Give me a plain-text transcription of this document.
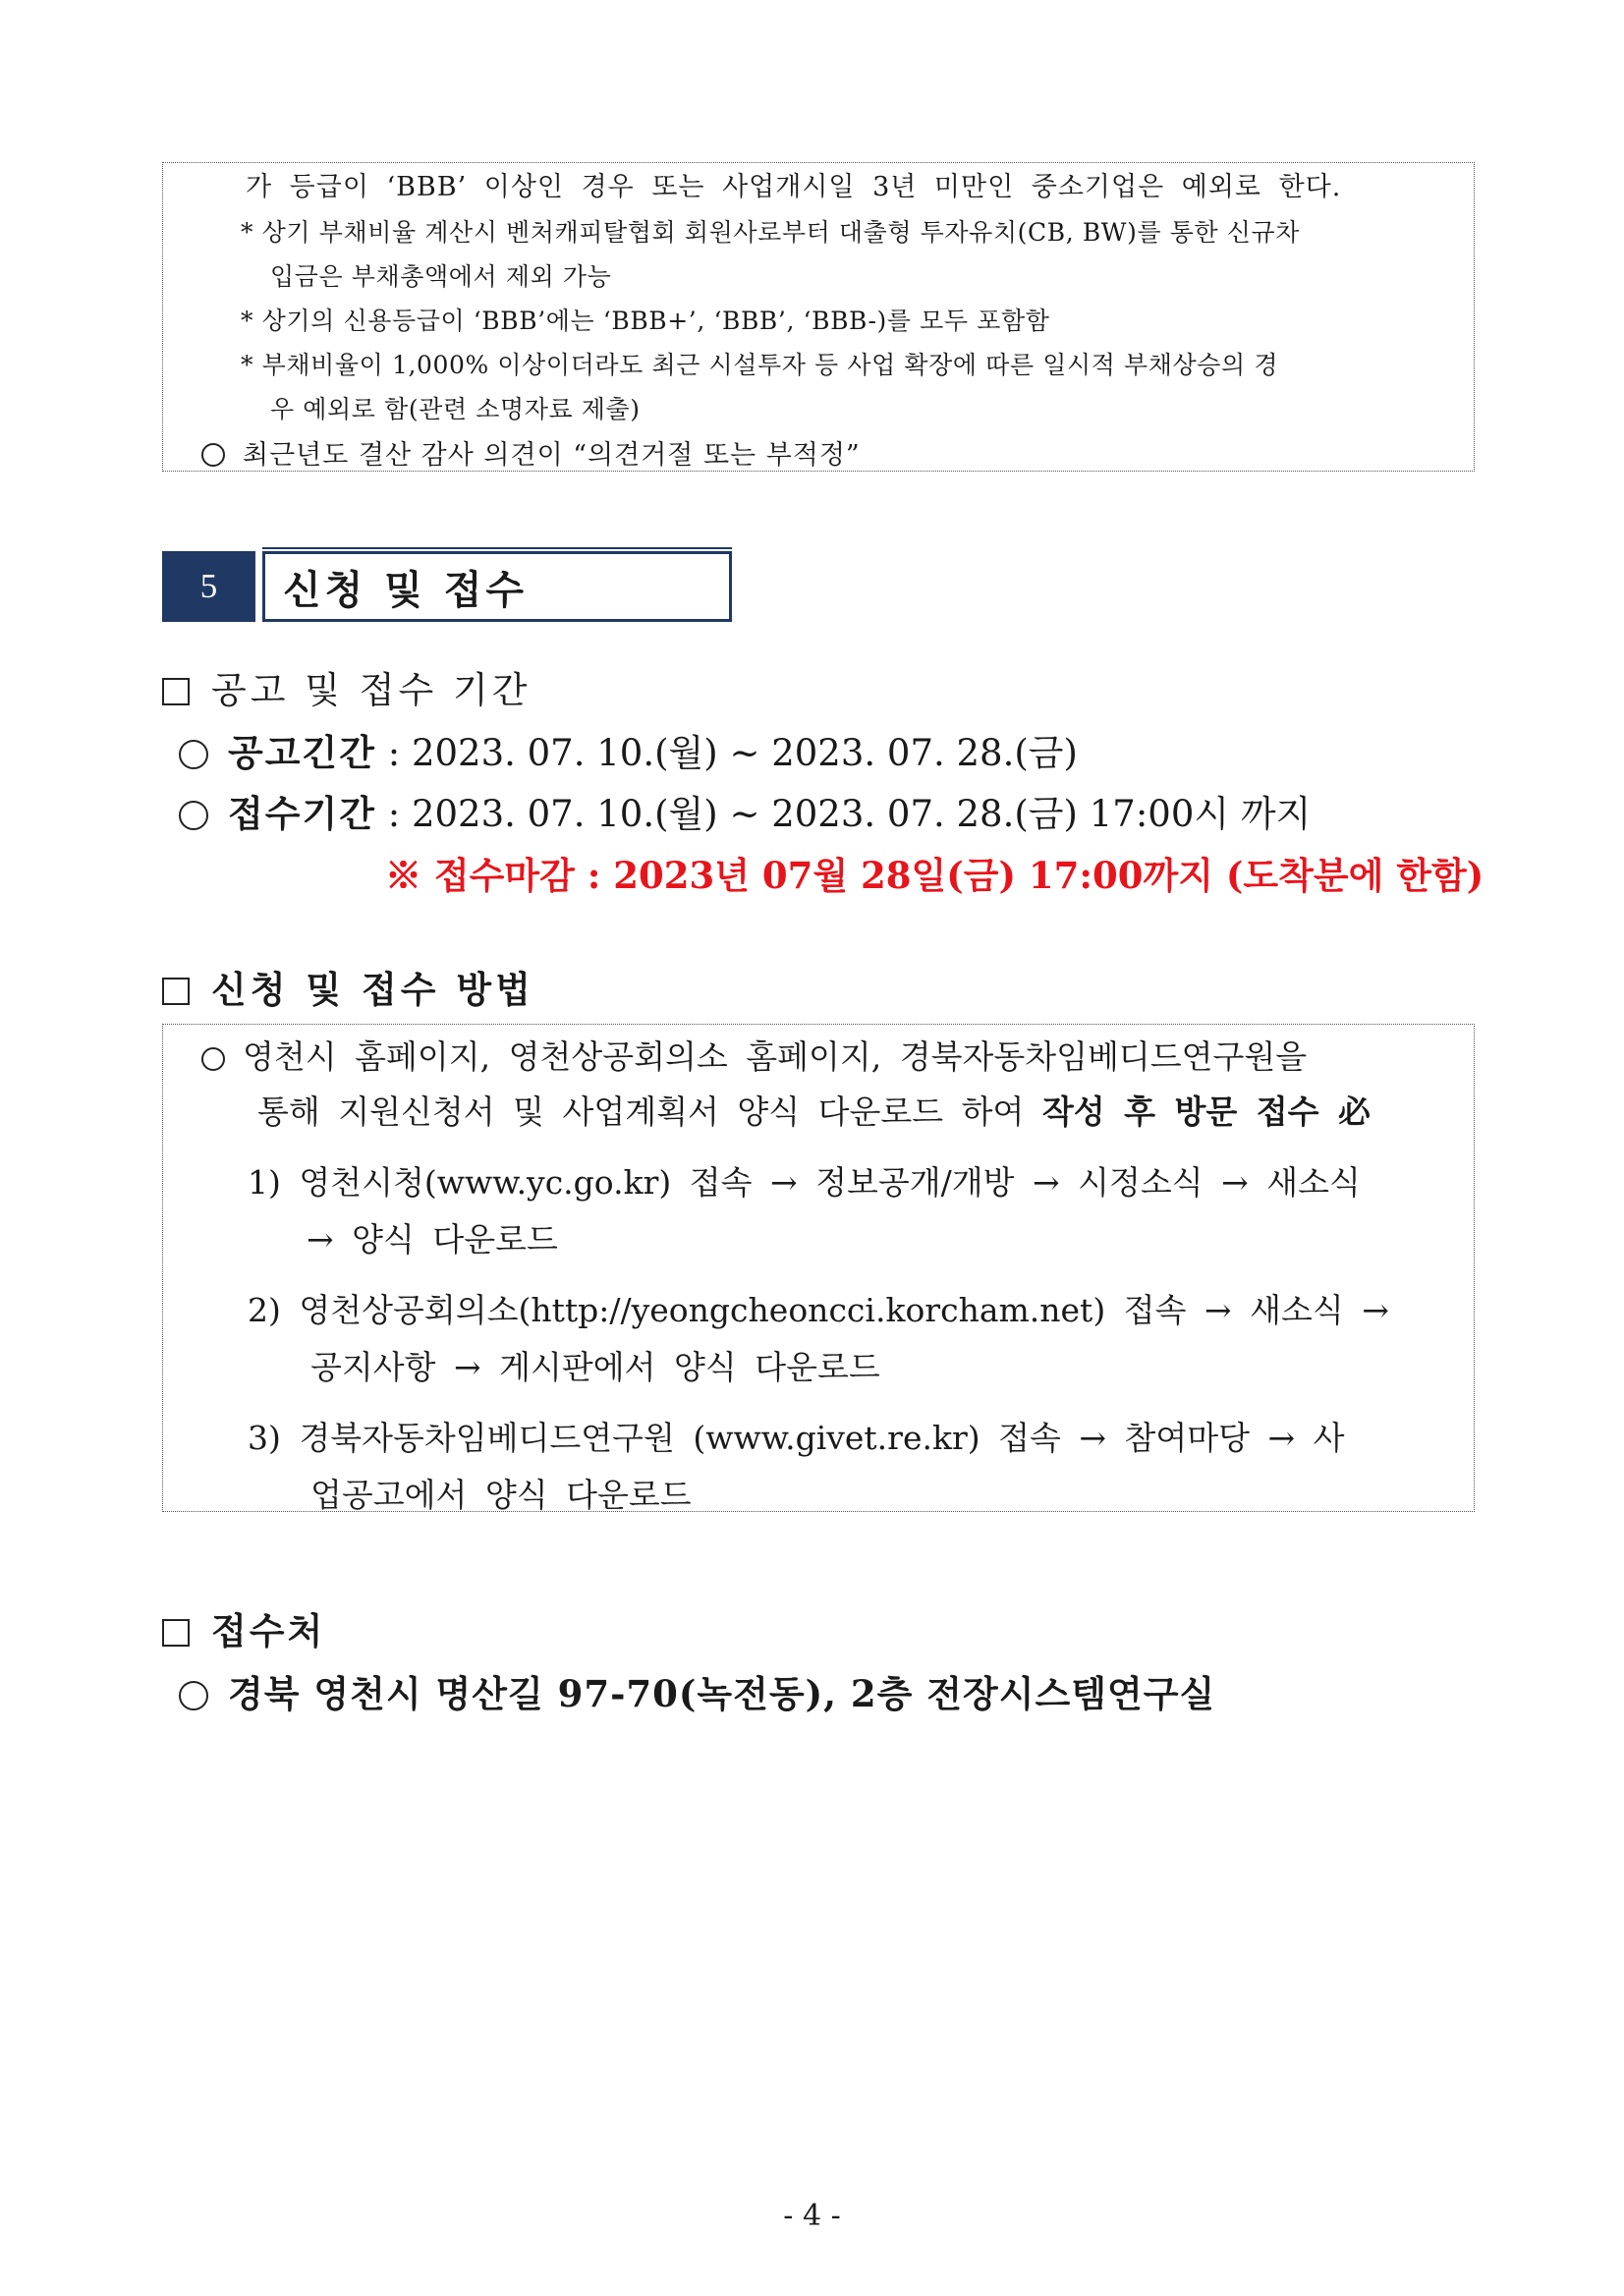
가 등급이 ‘BBB’ 이상인 경우 또는 사업개시일 3년 미만인 중소기업은 예외로 한다.
* 상기 부채비율 계산시 벤처캐피탈협회 회원사로부터 대출형 투자유치(CB, BW)를 통한 신규차
입금은 부채총액에서 제외 가능
* 상기의 신용등급이 ‘BBB’에는 ‘BBB+’, ‘BBB’, ‘BBB-)를 모두 포함함
* 부채비율이 1,000% 이상이더라도 최근 시설투자 등 사업 확장에 따른 일시적 부채상승의 경
우 예외로 함(관련 소명자료 제출)
최근년도 결산 감사 의견이 “의견거절 또는 부적정”
5	신청 및 접수
공고 및 접수 기간
공고긴간 : 2023. 07. 10.(월) ~ 2023. 07. 28.(금)
접수기간 : 2023. 07. 10.(월) ~ 2023. 07. 28.(금) 17:00시 까지
※ 접수마감 : 2023년 07월 28일(금) 17:00까지 (도착분에 한함)
신청 및 접수 방법
영천시 홈페이지, 영천상공회의소 홈페이지, 경북자동차임베디드연구원을
통해 지원신청서 및 사업계획서 양식 다운로드 하여 작성 후 방문 접수 必
1) 영천시청(www.yc.go.kr) 접속 → 정보공개/개방 → 시정소식 → 새소식
→ 양식 다운로드
2) 영천상공회의소(http://yeongcheoncci.korcham.net) 접속 → 새소식 →
공지사항 → 게시판에서 양식 다운로드
3) 경북자동차임베디드연구원 (www.givet.re.kr) 접속 → 참여마당 → 사
업공고에서 양식 다운로드
접수처
경북 영천시 명산길 97-70(녹전동), 2층 전장시스템연구실
- 4 -
